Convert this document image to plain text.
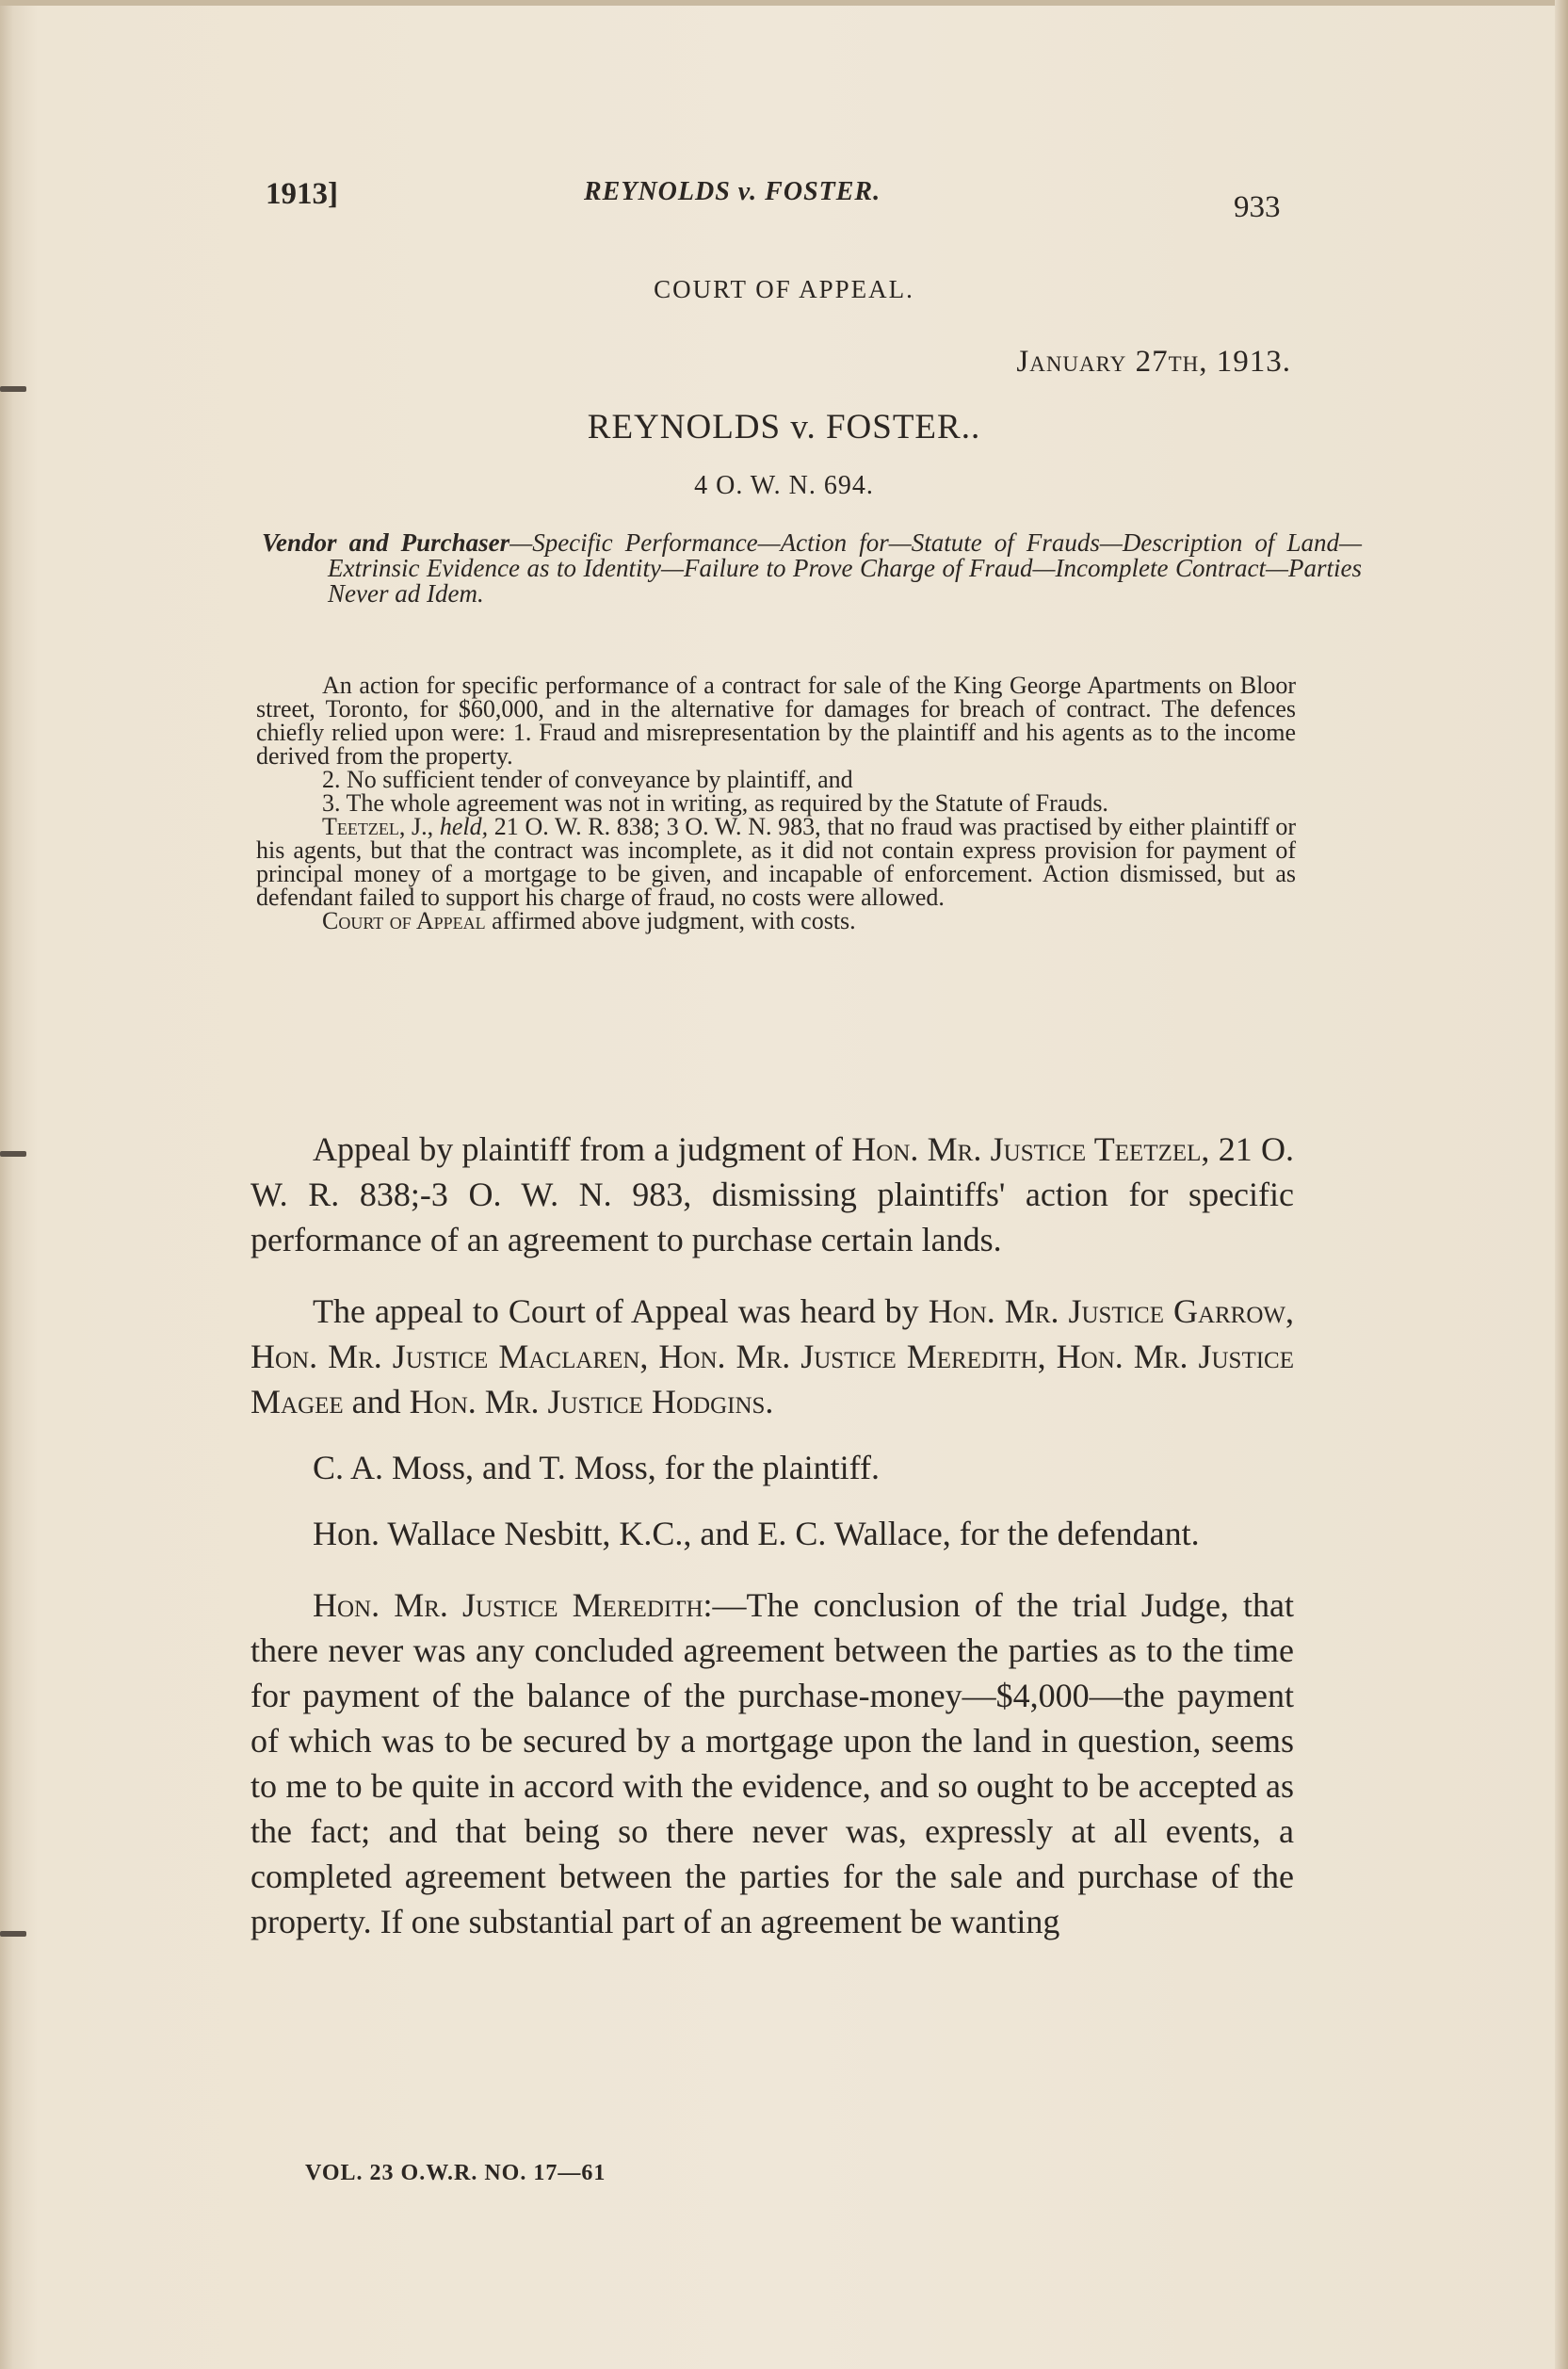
1913]	REYNOLDS v. FOSTER.	933
COURT OF APPEAL.
January 27th, 1913.
REYNOLDS v. FOSTER..
4 O. W. N. 694.
Vendor and Purchaser—Specific Performance—Action for—Statute of Frauds—Description of Land—Extrinsic Evidence as to Identity—Failure to Prove Charge of Fraud—Incomplete Contract—Parties Never ad Idem.

An action for specific performance of a contract for sale of the King George Apartments on Bloor street, Toronto, for $60,000, and in the alternative for damages for breach of contract. The defences chiefly relied upon were: 1. Fraud and misrepresentation by the plaintiff and his agents as to the income derived from the property.

2. No sufficient tender of conveyance by plaintiff, and

3. The whole agreement was not in writing, as required by the Statute of Frauds.

Teetzel, J., held, 21 O. W. R. 838; 3 O. W. N. 983, that no fraud was practised by either plaintiff or his agents, but that the contract was incomplete, as it did not contain express provision for payment of principal money of a mortgage to be given, and incapable of enforcement. Action dismissed, but as defendant failed to support his charge of fraud, no costs were allowed.

Court of Appeal affirmed above judgment, with costs.

Appeal by plaintiff from a judgment of Hon. Mr. Justice Teetzel, 21 O. W. R. 838;-3 O. W. N. 983, dismissing plaintiffs' action for specific performance of an agreement to purchase certain lands.

The appeal to Court of Appeal was heard by Hon. Mr. Justice Garrow, Hon. Mr. Justice Maclaren, Hon. Mr. Justice Meredith, Hon. Mr. Justice Magee and Hon. Mr. Justice Hodgins.

C. A. Moss, and T. Moss, for the plaintiff.

Hon. Wallace Nesbitt, K.C., and E. C. Wallace, for the defendant.

Hon. Mr. Justice Meredith:—The conclusion of the trial Judge, that there never was any concluded agreement between the parties as to the time for payment of the balance of the purchase-money—$4,000—the payment of which was to be secured by a mortgage upon the land in question, seems to me to be quite in accord with the evidence, and so ought to be accepted as the fact; and that being so there never was, expressly at all events, a completed agreement between the parties for the sale and purchase of the property. If one substantial part of an agreement be wanting

VOL. 23 O.W.R. NO. 17—61
